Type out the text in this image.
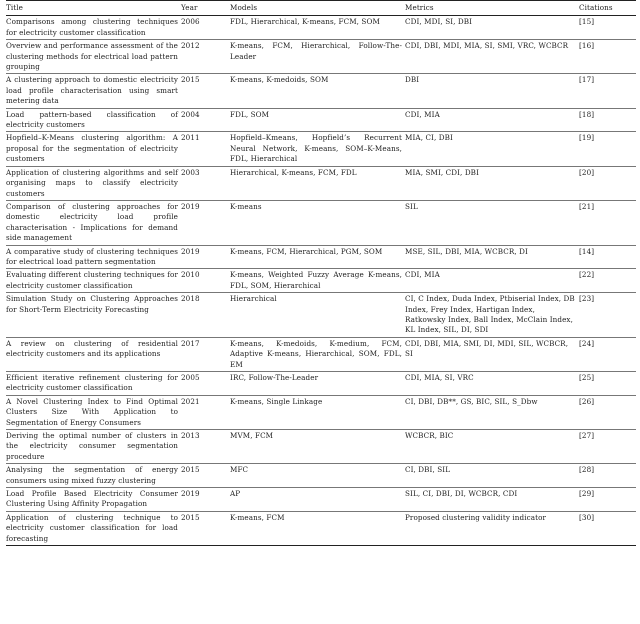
Title	Year	Models	Metrics	Citations
Comparisons among clustering techniques for electricity customer classification	2006	FDL, Hierarchical, K-means, FCM, SOM	CDI, MDI, SI, DBI	[15]
Overview and performance assessment of the clustering methods for electrical load pattern grouping	2012	K-means, FCM, Hierarchical, Follow-The-Leader	CDI, DBI, MDI, MIA, SI, SMI, VRC, WCBCR	[16]
A clustering approach to domestic electricity load profile characterisation using smart metering data	2015	K-means, K-medoids, SOM	DBI	[17]
Load pattern-based classification of electricity customers	2004	FDL, SOM	CDI, MIA	[18]
Hopfield–K-Means clustering algorithm: A proposal for the segmentation of electricity customers	2011	Hopfield–Kmeans, Hopfield’s Recurrent Neural Network, K-means, SOM–K-Means, FDL, Hierarchical	MIA, CI, DBI	[19]
Application of clustering algorithms and self organising maps to classify electricity customers	2003	Hierarchical, K-means, FCM, FDL	MIA, SMI, CDI, DBI	[20]
Comparison of clustering approaches for domestic electricity load profile characterisation - Implications for demand side management	2019	K-means	SIL	[21]
A comparative study of clustering techniques for electrical load pattern segmentation	2019	K-means, FCM, Hierarchical, PGM, SOM	MSE, SIL, DBI, MIA, WCBCR, DI	[14]
Evaluating different clustering techniques for electricity customer classification	2010	K-means, Weighted Fuzzy Average K-means, FDL, SOM, Hierarchical	CDI, MIA	[22]
Simulation Study on Clustering Approaches for Short-Term Electricity Forecasting	2018	Hierarchical	CI, C Index, Duda Index, Ptbiserial Index, DB Index, Frey Index, Hartigan Index, Ratkowsky Index, Ball Index, McClain Index, KL Index, SIL, DI, SDI	[23]
A review on clustering of residential electricity customers and its applications	2017	K-means, K-medoids, K-medium, FCM, Adaptive K-means, Hierarchical, SOM, FDL, EM	CDI, DBI, MIA, SMI, DI, MDI, SIL, WCBCR, SI	[24]
Efficient iterative refinement clustering for electricity customer classification	2005	IRC, Follow-The-Leader	CDI, MIA, SI, VRC	[25]
A Novel Clustering Index to Find Optimal Clusters Size With Application to Segmentation of Energy Consumers	2021	K-means, Single Linkage	CI, DBI, DB**, GS, BIC, SIL, S_Dbw	[26]
Deriving the optimal number of clusters in the electricity consumer segmentation procedure	2013	MVM, FCM	WCBCR, BIC	[27]
Analysing the segmentation of energy consumers using mixed fuzzy clustering	2015	MFC	CI, DBI, SIL	[28]
Load Profile Based Electricity Consumer Clustering Using Affinity Propagation	2019	AP	SIL, CI, DBI, DI, WCBCR, CDI	[29]
Application of clustering technique to electricity customer classification for load forecasting	2015	K-means, FCM	Proposed clustering validity indicator	[30]
